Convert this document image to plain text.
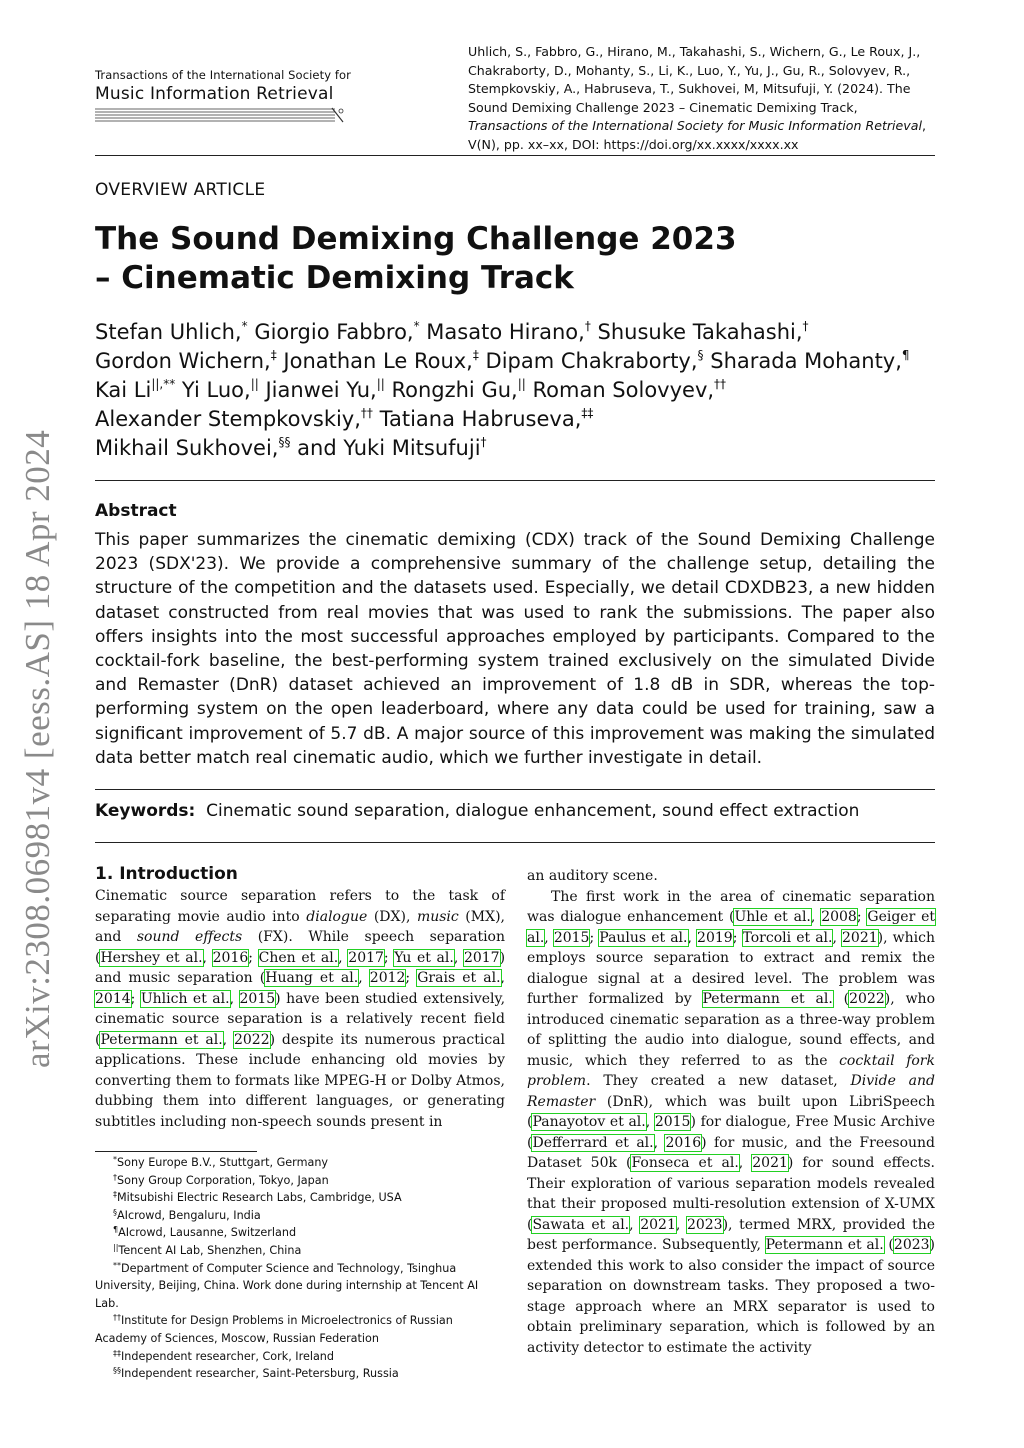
arXiv:2308.06981v4 [eess.AS] 18 Apr 2024
Transactions of the International Society for
Music Information Retrieval
Uhlich, S., Fabbro, G., Hirano, M., Takahashi, S., Wichern, G., Le Roux, J., Chakraborty, D., Mohanty, S., Li, K., Luo, Y., Yu, J., Gu, R., Solovyev, R., Stempkovskiy, A., Habruseva, T., Sukhovei, M, Mitsufuji, Y. (2024). The Sound Demixing Challenge 2023 – Cinematic Demixing Track, Transactions of the International Society for Music Information Retrieval, V(N), pp. xx–xx, DOI: https://doi.org/xx.xxxx/xxxx.xx
OVERVIEW ARTICLE
The Sound Demixing Challenge 2023
– Cinematic Demixing Track
Stefan Uhlich,* Giorgio Fabbro,* Masato Hirano,† Shusuke Takahashi,†
Gordon Wichern,‡ Jonathan Le Roux,‡ Dipam Chakraborty,§ Sharada Mohanty,¶
Kai Li||,** Yi Luo,|| Jianwei Yu,|| Rongzhi Gu,|| Roman Solovyev,††
Alexander Stempkovskiy,†† Tatiana Habruseva,‡‡
Mikhail Sukhovei,§§ and Yuki Mitsufuji†
Abstract
This paper summarizes the cinematic demixing (CDX) track of the Sound Demixing Challenge 2023 (SDX'23). We provide a comprehensive summary of the challenge setup, detailing the structure of the competition and the datasets used. Especially, we detail CDXDB23, a new hidden dataset constructed from real movies that was used to rank the submissions. The paper also offers insights into the most successful approaches employed by participants. Compared to the cocktail-fork baseline, the best-performing system trained exclusively on the simulated Divide and Remaster (DnR) dataset achieved an improvement of 1.8 dB in SDR, whereas the top-performing system on the open leaderboard, where any data could be used for training, saw a significant improvement of 5.7 dB. A major source of this improvement was making the simulated data better match real cinematic audio, which we further investigate in detail.
Keywords: Cinematic sound separation, dialogue enhancement, sound effect extraction
1. Introduction

Cinematic source separation refers to the task of separating movie audio into dialogue (DX), music (MX), and sound effects (FX). While speech separation (Hershey et al., 2016; Chen et al., 2017; Yu et al., 2017) and music separation (Huang et al., 2012; Grais et al., 2014; Uhlich et al., 2015) have been studied extensively, cinematic source separation is a relatively recent field (Petermann et al., 2022) despite its numerous practical applications. These include enhancing old movies by converting them to formats like MPEG-H or Dolby Atmos, dubbing them into different languages, or generating subtitles including non-speech sounds present in

an auditory scene.

The first work in the area of cinematic separation was dialogue enhancement (Uhle et al., 2008; Geiger et al., 2015; Paulus et al., 2019; Torcoli et al., 2021), which employs source separation to extract and remix the dialogue signal at a desired level. The problem was further formalized by Petermann et al. (2022), who introduced cinematic separation as a three-way problem of splitting the audio into dialogue, sound effects, and music, which they referred to as the cocktail fork problem. They created a new dataset, Divide and Remaster (DnR), which was built upon LibriSpeech (Panayotov et al., 2015) for dialogue, Free Music Archive (Defferrard et al., 2016) for music, and the Freesound Dataset 50k (Fonseca et al., 2021) for sound effects. Their exploration of various separation models revealed that their proposed multi-resolution extension of X-UMX (Sawata et al., 2021, 2023), termed MRX, provided the best performance. Subsequently, Petermann et al. (2023) extended this work to also consider the impact of source separation on downstream tasks. They proposed a two-stage approach where an MRX separator is used to obtain preliminary separation, which is followed by an activity detector to estimate the activity

*Sony Europe B.V., Stuttgart, Germany
†Sony Group Corporation, Tokyo, Japan
‡Mitsubishi Electric Research Labs, Cambridge, USA
§AIcrowd, Bengaluru, India
¶AIcrowd, Lausanne, Switzerland
||Tencent AI Lab, Shenzhen, China
**Department of Computer Science and Technology, Tsinghua University, Beijing, China. Work done during internship at Tencent AI Lab.
††Institute for Design Problems in Microelectronics of Russian Academy of Sciences, Moscow, Russian Federation
‡‡Independent researcher, Cork, Ireland
§§Independent researcher, Saint-Petersburg, Russia
